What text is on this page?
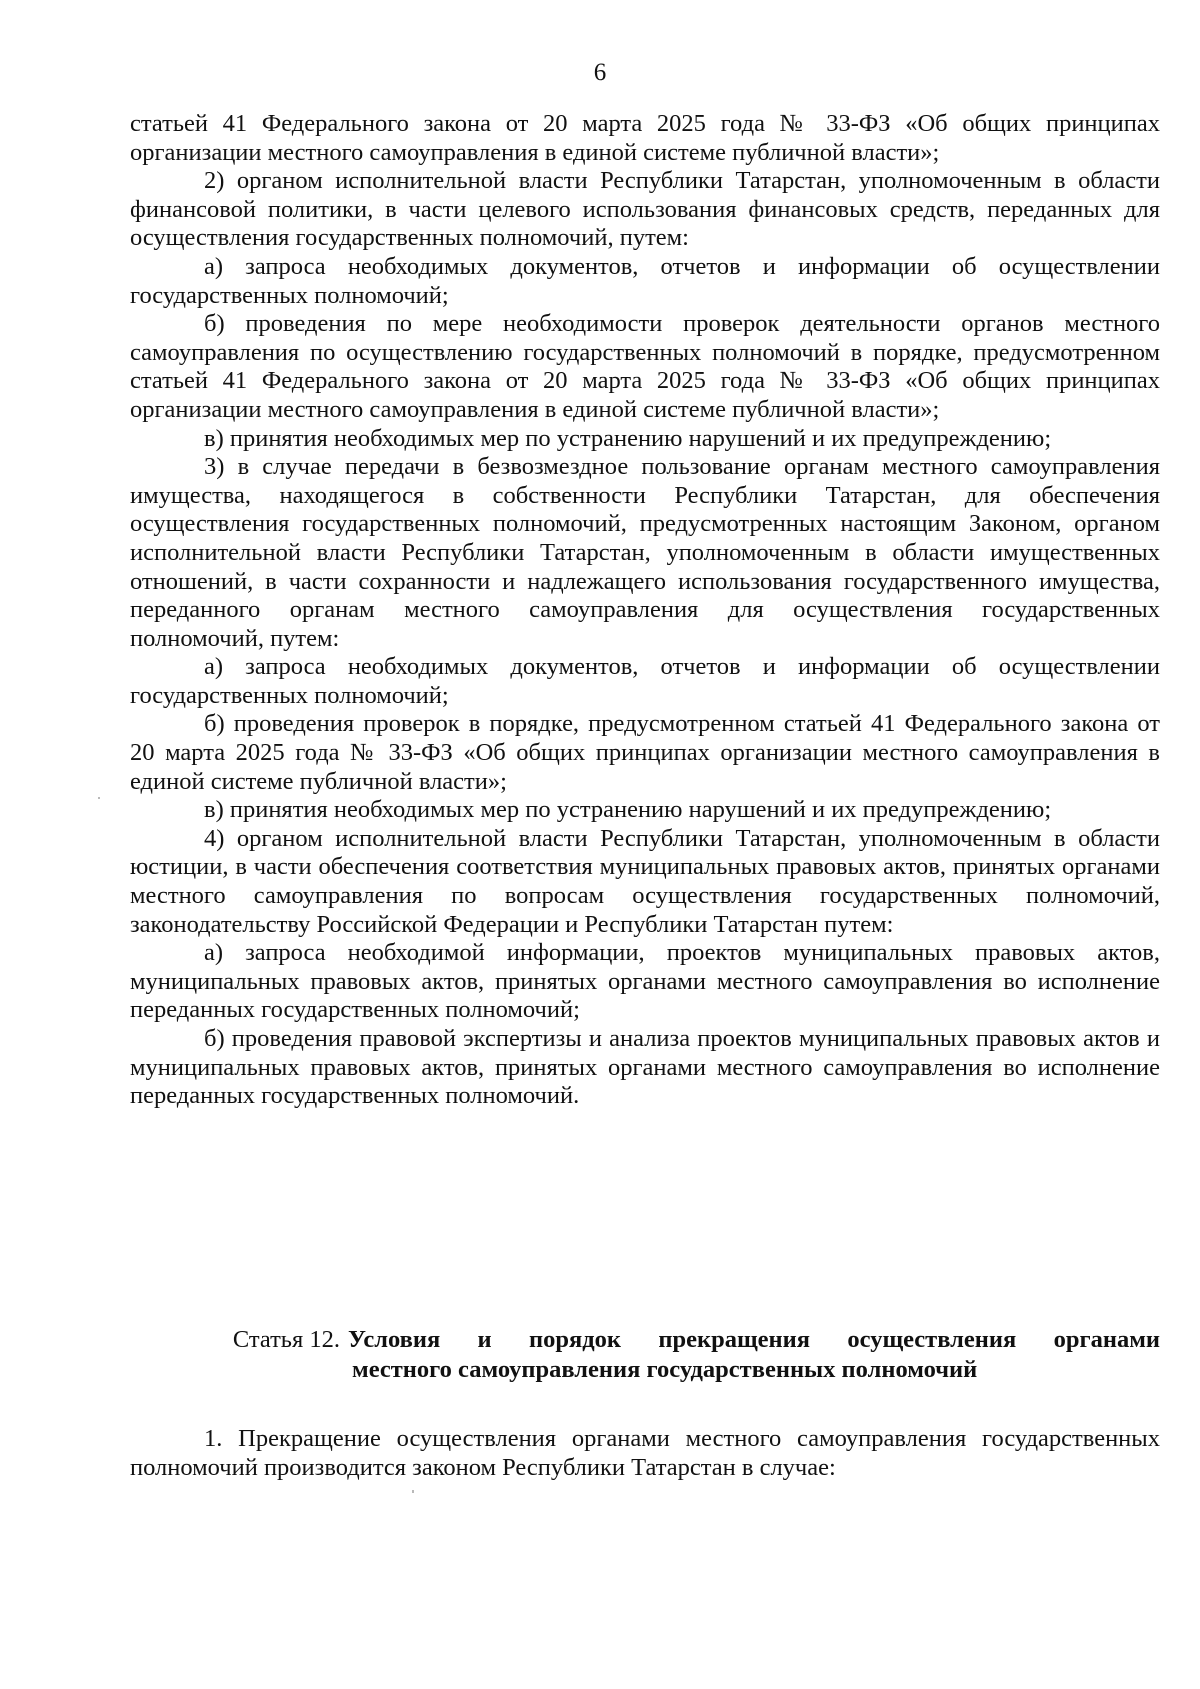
6

статьей 41 Федерального закона от 20 марта 2025 года № 33-ФЗ «Об общих принципах организации местного самоуправления в единой системе публичной власти»;

2) органом исполнительной власти Республики Татарстан, уполномоченным в области финансовой политики, в части целевого использования финансовых средств, переданных для осуществления государственных полномочий, путем:

а) запроса необходимых документов, отчетов и информации об осуществлении государственных полномочий;

б) проведения по мере необходимости проверок деятельности органов местного самоуправления по осуществлению государственных полномочий в порядке, предусмотренном статьей 41 Федерального закона от 20 марта 2025 года № 33-ФЗ «Об общих принципах организации местного самоуправления в единой системе публичной власти»;

в) принятия необходимых мер по устранению нарушений и их предупреждению;

3) в случае передачи в безвозмездное пользование органам местного самоуправления имущества, находящегося в собственности Республики Татарстан, для обеспечения осуществления государственных полномочий, предусмотренных настоящим Законом, органом исполнительной власти Республики Татарстан, уполномоченным в области имущественных отношений, в части сохранности и надлежащего использования государственного имущества, переданного органам местного самоуправления для осуществления государственных полномочий, путем:

а) запроса необходимых документов, отчетов и информации об осуществлении государственных полномочий;

б) проведения проверок в порядке, предусмотренном статьей 41 Федерального закона от 20 марта 2025 года № 33-ФЗ «Об общих принципах организации местного самоуправления в единой системе публичной власти»;

в) принятия необходимых мер по устранению нарушений и их предупреждению;

4) органом исполнительной власти Республики Татарстан, уполномоченным в области юстиции, в части обеспечения соответствия муниципальных правовых актов, принятых органами местного самоуправления по вопросам осуществления государственных полномочий, законодательству Российской Федерации и Республики Татарстан путем:

а) запроса необходимой информации, проектов муниципальных правовых актов, муниципальных правовых актов, принятых органами местного самоуправления во исполнение переданных государственных полномочий;

б) проведения правовой экспертизы и анализа проектов муниципальных правовых актов и муниципальных правовых актов, принятых органами местного самоуправления во исполнение переданных государственных полномочий.

Статья 12. Условия и порядок прекращения осуществления органами
местного самоуправления государственных полномочий

1. Прекращение осуществления органами местного самоуправления государственных полномочий производится законом Республики Татарстан в случае:
